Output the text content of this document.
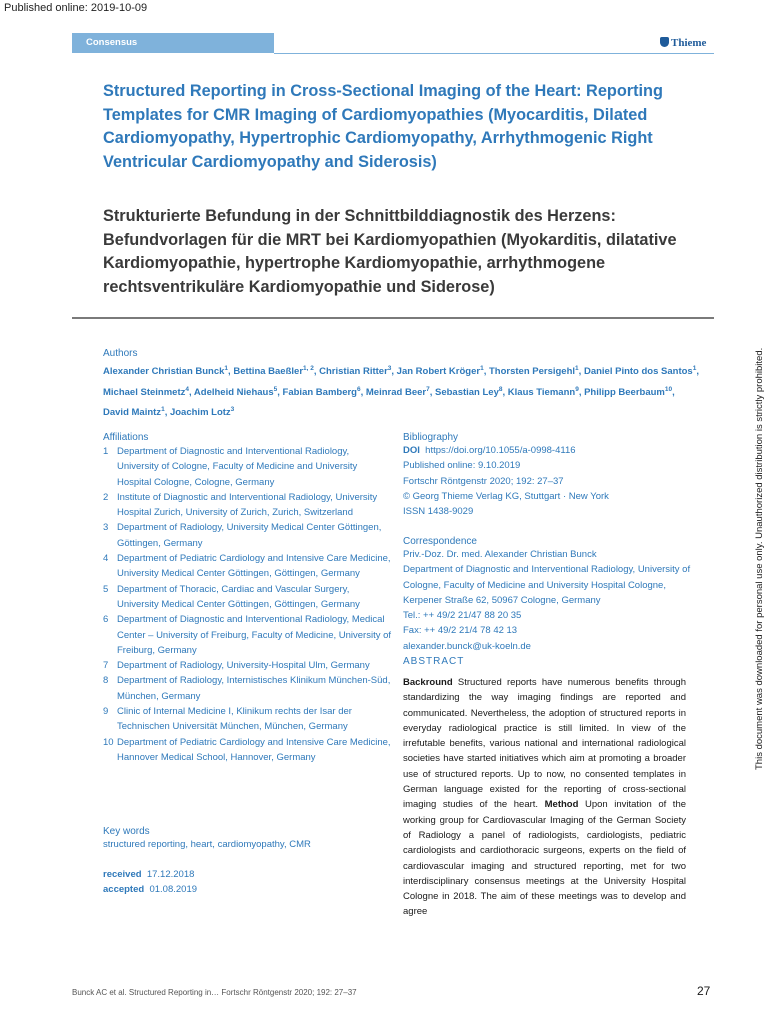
Published online: 2019-10-09
Consensus	Thieme
Structured Reporting in Cross-Sectional Imaging of the Heart: Reporting Templates for CMR Imaging of Cardiomyopathies (Myocarditis, Dilated Cardiomyopathy, Hypertrophic Cardiomyopathy, Arrhythmogenic Right Ventricular Cardiomyopathy and Siderosis)
Strukturierte Befundung in der Schnittbilddiagnostik des Herzens: Befundvorlagen für die MRT bei Kardiomyopathien (Myokarditis, dilatative Kardiomyopathie, hypertrophe Kardiomyopathie, arrhythmogene rechtsventrikuläre Kardiomyopathie und Siderose)
Authors
Alexander Christian Bunck$^1$, Bettina Baeßler$^{1, 2}$, Christian Ritter$^3$, Jan Robert Kröger$^1$, Thorsten Persigehl$^1$, Daniel Pinto dos Santos$^1$, Michael Steinmetz$^4$, Adelheid Niehaus$^5$, Fabian Bamberg$^6$, Meinrad Beer$^7$, Sebastian Ley$^8$, Klaus Tiemann$^9$, Philipp Beerbaum$^{10}$, David Maintz$^1$, Joachim Lotz$^3$
Affiliations
1 Department of Diagnostic and Interventional Radiology, University of Cologne, Faculty of Medicine and University Hospital Cologne, Cologne, Germany
2 Institute of Diagnostic and Interventional Radiology, University Hospital Zurich, University of Zurich, Zurich, Switzerland
3 Department of Radiology, University Medical Center Göttingen, Göttingen, Germany
4 Department of Pediatric Cardiology and Intensive Care Medicine, University Medical Center Göttingen, Göttingen, Germany
5 Department of Thoracic, Cardiac and Vascular Surgery, University Medical Center Göttingen, Göttingen, Germany
6 Department of Diagnostic and Interventional Radiology, Medical Center – University of Freiburg, Faculty of Medicine, University of Freiburg, Germany
7 Department of Radiology, University-Hospital Ulm, Germany
8 Department of Radiology, Internistisches Klinikum München-Süd, München, Germany
9 Clinic of Internal Medicine I, Klinikum rechts der Isar der Technischen Universität München, München, Germany
10 Department of Pediatric Cardiology and Intensive Care Medicine, Hannover Medical School, Hannover, Germany
Key words
structured reporting, heart, cardiomyopathy, CMR
received 17.12.2018
accepted 01.08.2019
Bibliography
DOI https://doi.org/10.1055/a-0998-4116
Published online: 9.10.2019
Fortschr Röntgenstr 2020; 192: 27–37
© Georg Thieme Verlag KG, Stuttgart · New York
ISSN 1438-9029
Correspondence
Priv.-Doz. Dr. med. Alexander Christian Bunck
Department of Diagnostic and Interventional Radiology, University of Cologne, Faculty of Medicine and University Hospital Cologne, Kerpener Straße 62, 50967 Cologne, Germany
Tel.: ++ 49/2 21/47 88 20 35
Fax: ++ 49/2 21/4 78 42 13
alexander.bunck@uk-koeln.de
ABSTRACT
Backround Structured reports have numerous benefits through standardizing the way imaging findings are reported and communicated. Nevertheless, the adoption of structured reports in everyday radiological practice is still limited. In view of the irrefutable benefits, various national and international radiological societies have started initiatives which aim at promoting a broader use of structured reports. Up to now, no consented templates in German language existed for the reporting of cross-sectional imaging studies of the heart. Method Upon invitation of the working group for Cardiovascular Imaging of the German Society of Radiology a panel of radiologists, cardiologists, pediatric cardiologists and cardiothoracic surgeons, experts on the field of cardiovascular imaging and structured reporting, met for two interdisciplinary consensus meetings at the University Hospital Cologne in 2018. The aim of these meetings was to develop and agree
This document was downloaded for personal use only. Unauthorized distribution is strictly prohibited.
Bunck AC et al. Structured Reporting in… Fortschr Röntgenstr 2020; 192: 27–37	27
